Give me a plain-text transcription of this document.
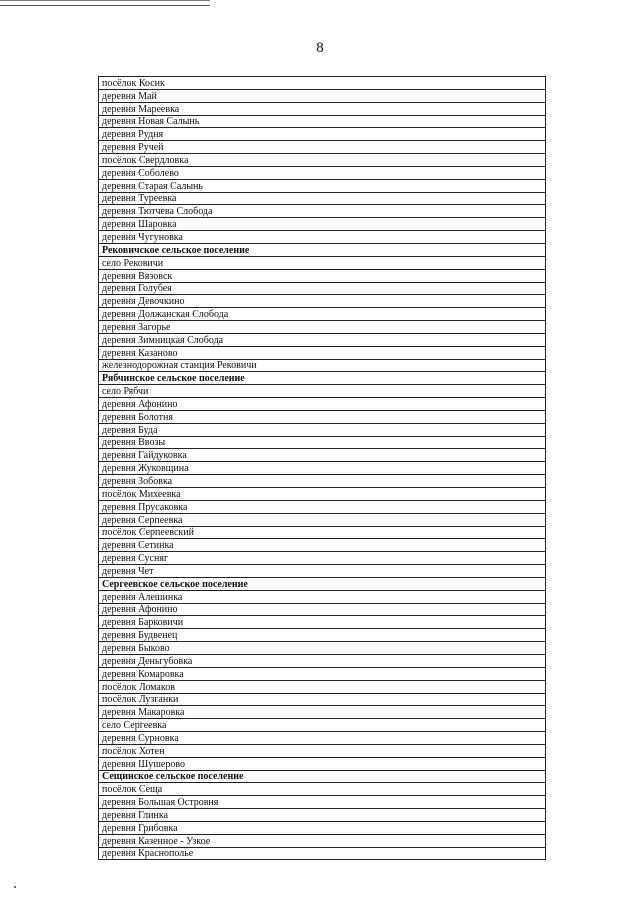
8
посёлок Косик
деревня Май
деревня Мареевка
деревня Новая Салынь
деревня Рудня
деревня Ручей
посёлок Свердловка
деревня Соболево
деревня Старая Салынь
деревня Туреевка
деревня Тютчева Слобода
деревня Шаровка
деревня Чугуновка
Рековичское сельское поселение
село Рековичи
деревня Вязовск
деревня Голубея
деревня Девочкино
деревня Должанская Слобода
деревня Загорье
деревня Зимницкая Слобода
деревня Казаново
железнодорожная станция Рековичи
Рябчинское сельское поселение
село Рябчи
деревня Афонино
деревня Болотня
деревня Буда
деревня Ввозы
деревня Гайдуковка
деревня Жуковщина
деревня Зобовка
посёлок Михеевка
деревня Прусаковка
деревня Серпеевка
посёлок Серпеевский
деревня Сетинка
деревня Сусняг
деревня Чет
Сергеевское сельское поселение
деревня Алешинка
деревня Афонино
деревня Барковичи
деревня Будвенец
деревня Быково
деревня Деньгубовка
деревня Комаровка
посёлок Ломаков
посёлок Лузганки
деревня Макаровка
село Сергеевка
деревня Сурновка
посёлок Хотен
деревня Шушерово
Сещинское сельское поселение
посёлок Сеща
деревня Большая Островня
деревня Глинка
деревня Грибовка
деревня Казенное - Узкое
деревня Краснополье
